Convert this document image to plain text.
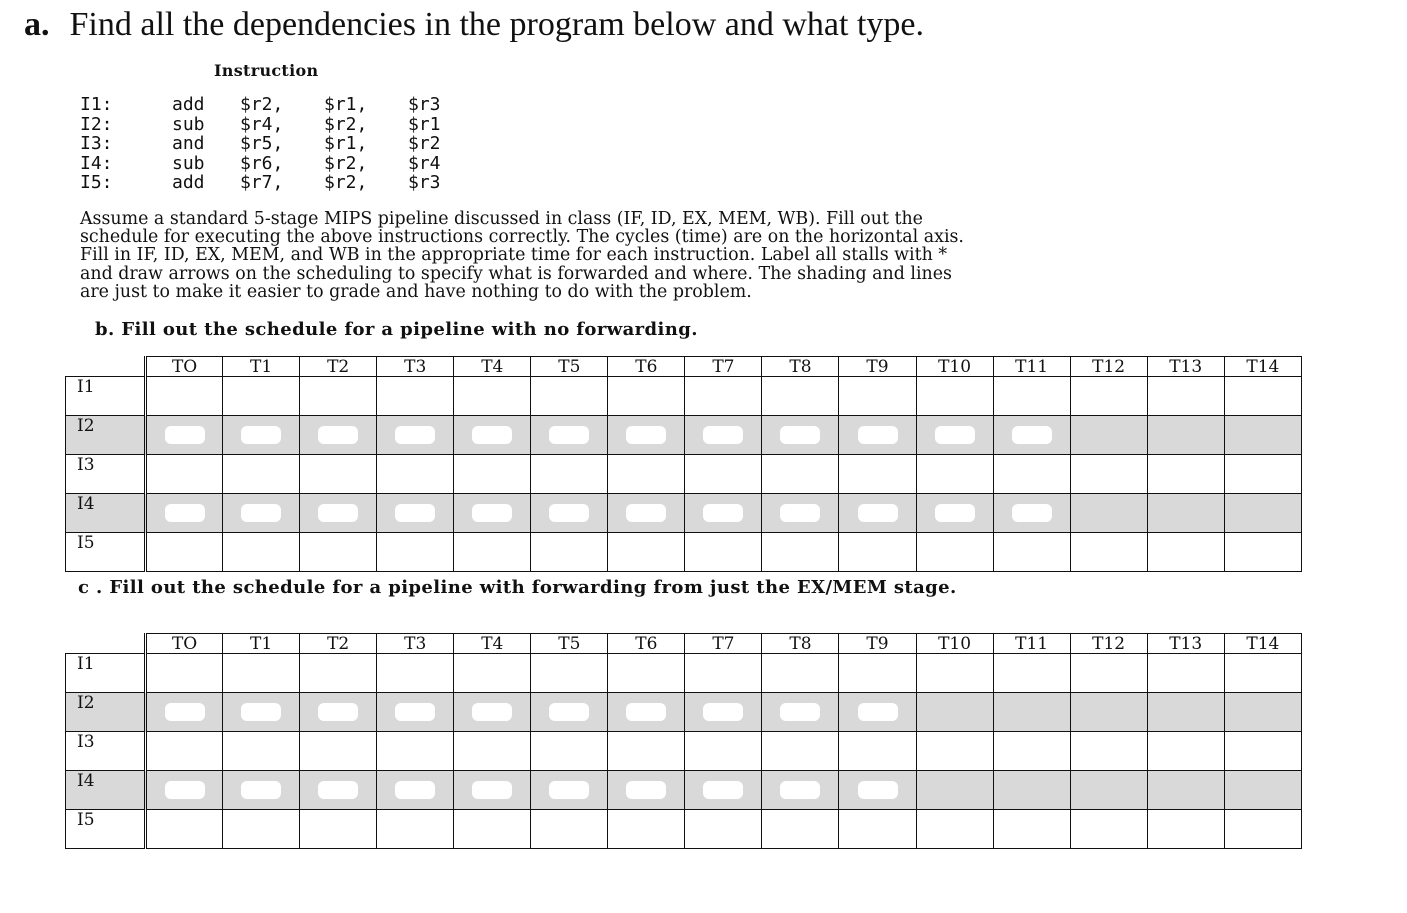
a. Find all the dependencies in the program below and what type.
Instruction
I1:	add	$r2,	$r1,	$r3
I2:	sub	$r4,	$r2,	$r1
I3:	and	$r5,	$r1,	$r2
I4:	sub	$r6,	$r2,	$r4
I5:	add	$r7,	$r2,	$r3
Assume a standard 5-stage MIPS pipeline discussed in class (IF, ID, EX, MEM, WB). Fill out the
schedule for executing the above instructions correctly. The cycles (time) are on the horizontal axis.
Fill in IF, ID, EX, MEM, and WB in the appropriate time for each instruction. Label all stalls with *
and draw arrows on the scheduling to specify what is forwarded and where. The shading and lines
are just to make it easier to grade and have nothing to do with the problem.
b. Fill out the schedule for a pipeline with no forwarding.
	TO	T1	T2	T3	T4	T5	T6	T7	T8	T9	T10	T11	T12	T13	T14
I1															
I2	

I3															
I4	

I5															
c . Fill out the schedule for a pipeline with forwarding from just the EX/MEM stage.
	TO	T1	T2	T3	T4	T5	T6	T7	T8	T9	T10	T11	T12	T13	T14
I1															
I2	

I3															
I4	

I5															
